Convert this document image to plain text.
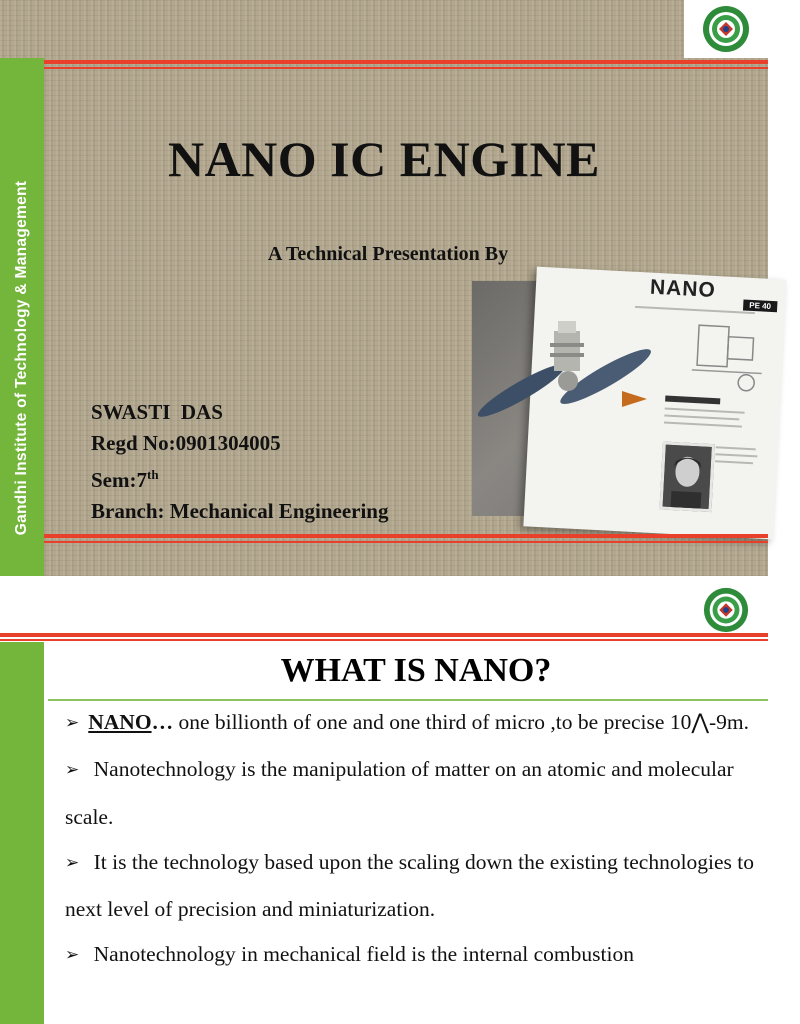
Gandhi Institute of Technology & Management
NANO IC ENGINE
A Technical Presentation By
SWASTI  DAS
Regd No:0901304005
Sem:7th
Branch: Mechanical Engineering
NANO
PE 40
WHAT IS NANO?

➢ NANO… one billionth of one and one third of micro ,to be precise 10⋀-9m.

➢ Nanotechnology is the manipulation of matter on an atomic and molecular scale.

➢ It is the technology based upon the scaling down the existing technologies to next level of precision and miniaturization.

➢ Nanotechnology in mechanical field is the internal combustion
